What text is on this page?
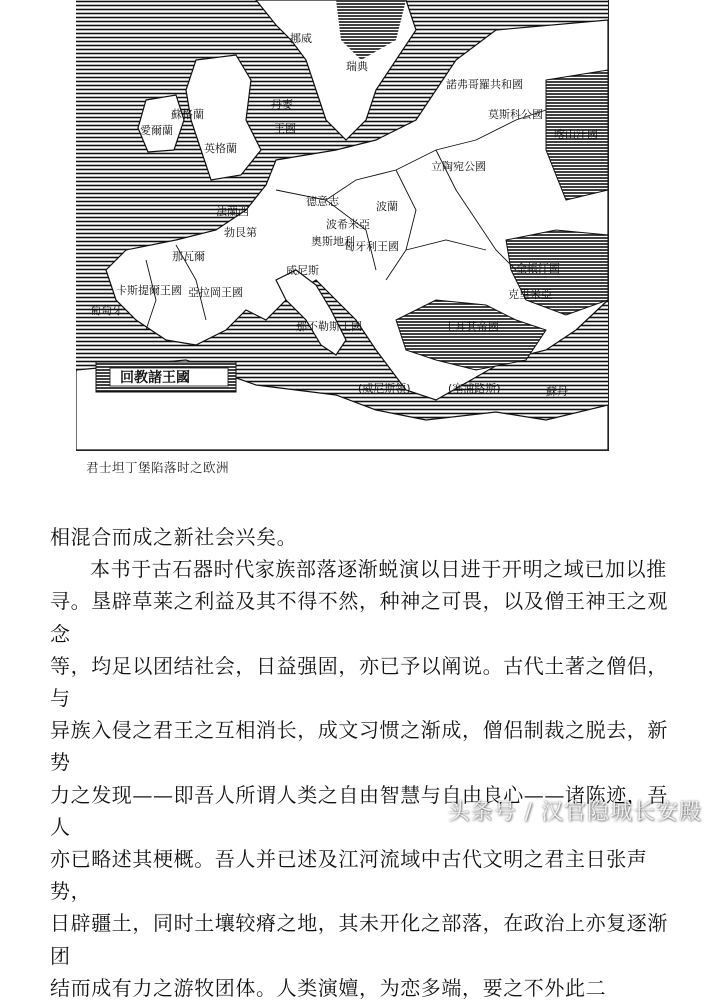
蘇格蘭
英格蘭
愛爾蘭
丹麥
王國
瑞典
挪威
諾弗哥羅共和國
莫斯科公國
喀山汗國
法蘭西
勃艮第
德意志	波蘭
立陶宛公國
奧斯地利
匈牙利王國
波希米亞
金帳汗國
克里米亞
葡萄牙
卡斯提爾王國 亞拉岡王國
那瓦爾
那不勒斯王國
威尼斯
土耳其帝國
回教諸王國
(威尼斯領)	(塞浦路斯)	蘇丹
君士坦丁堡陷落时之欧洲

相混合而成之新社会兴矣。

本书于古石器时代家族部落逐渐蜕演以日进于开明之域已加以推

寻。垦辟草莱之利益及其不得不然，种神之可畏，以及僧王神王之观念

等，均足以团结社会，日益强固，亦已予以阐说。古代土著之僧侣，与

异族入侵之君王之互相消长，成文习惯之渐成，僧侣制裁之脱去，新势

力之发现——即吾人所谓人类之自由智慧与自由良心——诸陈迹，吾人

亦已略述其梗概。吾人并已述及江河流域中古代文明之君主日张声势，

日辟疆土，同时土壤较瘠之地，其未开化之部落，在政治上亦复逐渐团

结而成有力之游牧团体。人类演嬗，为恋多端，要之不外此二

头条号 / 汉官隐城长安殿
